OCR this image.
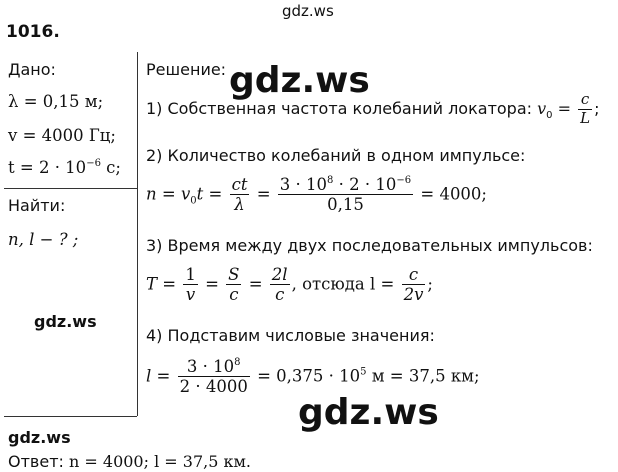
gdz.ws
gdz.ws
gdz.ws
gdz.ws
gdz.ws
1016.
Дано:
λ = 0,15 м;
v = 4000 Гц;
$t = 2 \cdot 10^{-6}$ с;
Найти:
n, l − ? ;
Решение:
1) Собственная частота колебаний локатора: $v_0 = \frac{c}{L}$ ;
2) Количество колебаний в одном импульсе:
$n = v_0t = \frac{ct}{\lambda} = \frac{3 \cdot 10^8 \cdot 2 \cdot 10^{-6}}{0,15} = 4000$;
3) Время между двух последовательных импульсов:
$T = \frac{1}{v} = \frac{S}{c} = \frac{2l}{c}$ , отсюда $l = \frac{c}{2v}$ ;
4) Подставим числовые значения:
$l = \frac{3 \cdot 10^8}{2 \cdot 4000} = 0,375 \cdot 10^5$ м = 37,5 км;
Ответ: n = 4000; l = 37,5 км.
